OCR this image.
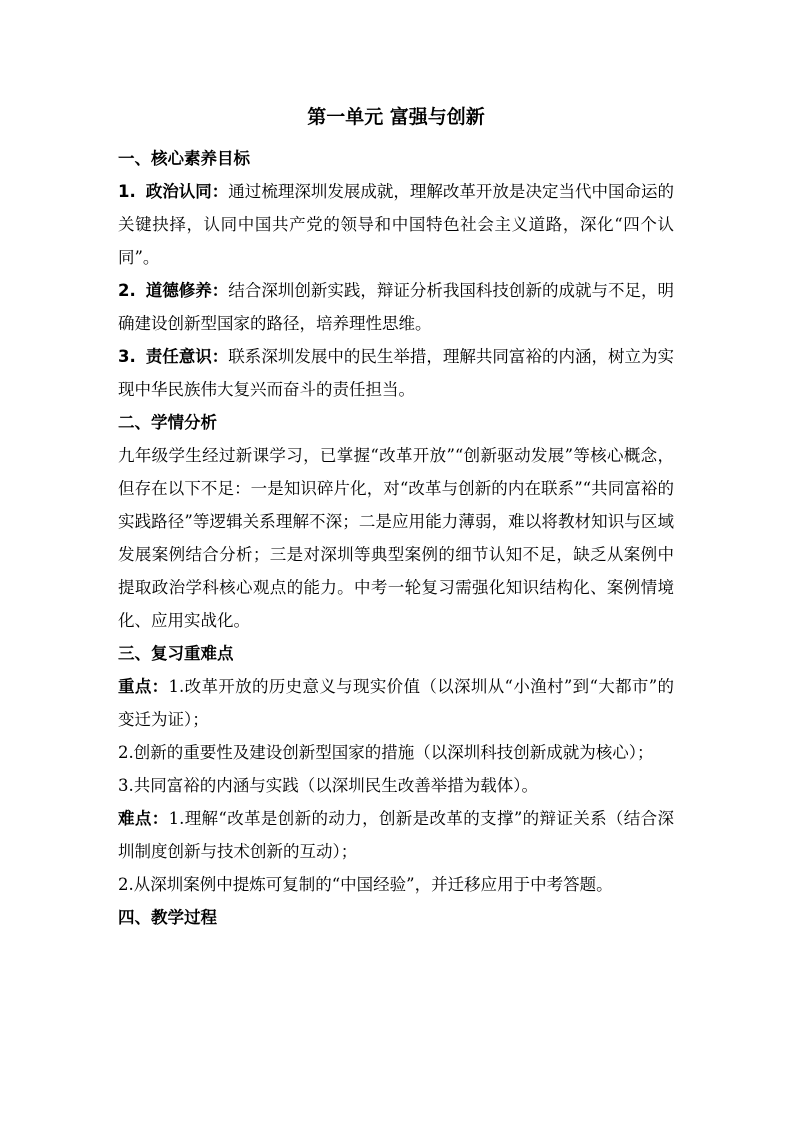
第一单元 富强与创新
一、核心素养目标

1. 政治认同：通过梳理深圳发展成就，理解改革开放是决定当代中国命运的关键抉择，认同中国共产党的领导和中国特色社会主义道路，深化“四个认同”。

2. 道德修养：结合深圳创新实践，辩证分析我国科技创新的成就与不足，明确建设创新型国家的路径，培养理性思维。

3. 责任意识：联系深圳发展中的民生举措，理解共同富裕的内涵，树立为实现中华民族伟大复兴而奋斗的责任担当。

二、学情分析

九年级学生经过新课学习，已掌握“改革开放”“创新驱动发展”等核心概念，但存在以下不足：一是知识碎片化，对“改革与创新的内在联系”“共同富裕的实践路径”等逻辑关系理解不深；二是应用能力薄弱，难以将教材知识与区域发展案例结合分析；三是对深圳等典型案例的细节认知不足，缺乏从案例中提取政治学科核心观点的能力。中考一轮复习需强化知识结构化、案例情境化、应用实战化。

三、复习重难点

重点：1.改革开放的历史意义与现实价值（以深圳从“小渔村”到“大都市”的变迁为证）；

2.创新的重要性及建设创新型国家的措施（以深圳科技创新成就为核心）；

3.共同富裕的内涵与实践（以深圳民生改善举措为载体）。

难点：1.理解“改革是创新的动力，创新是改革的支撑”的辩证关系（结合深圳制度创新与技术创新的互动）；

2.从深圳案例中提炼可复制的“中国经验”，并迁移应用于中考答题。

四、教学过程
